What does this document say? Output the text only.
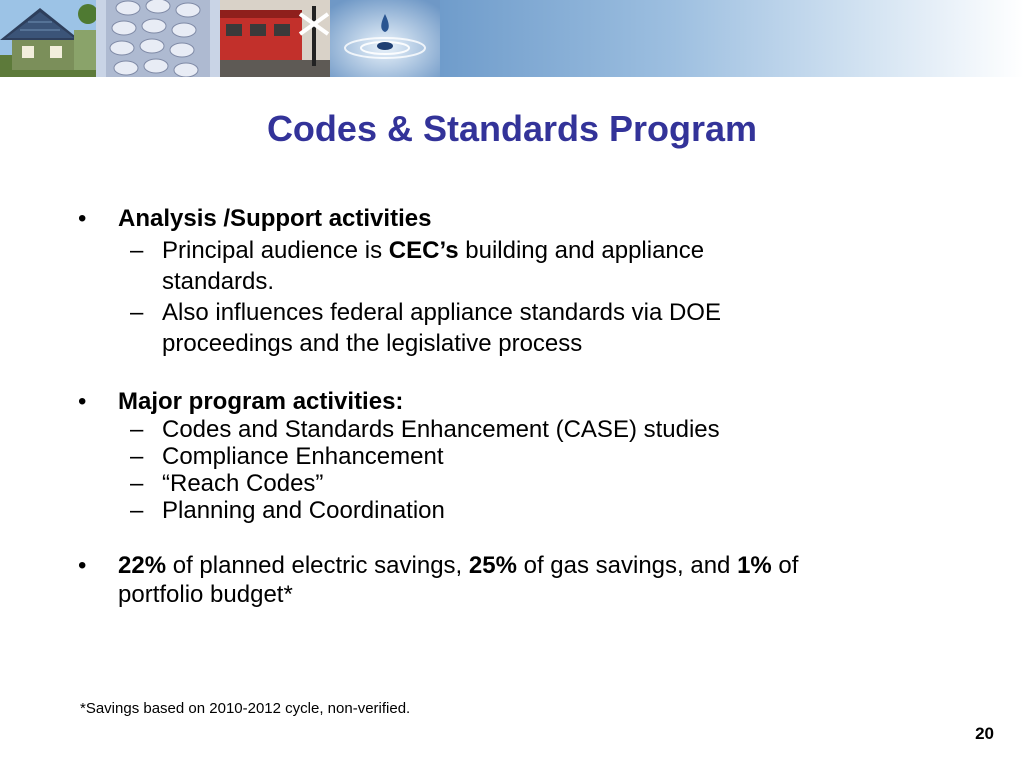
Codes & Standards Program
•	Analysis /Support activities
– Principal audience is CEC’s building and appliance
standards.
– Also influences federal appliance standards via DOE
proceedings and the legislative process
•	Major program activities:
– Codes and Standards Enhancement (CASE) studies
– Compliance Enhancement
– “Reach Codes”
– Planning and Coordination
•	22% of planned electric savings, 25% of gas savings, and 1% of
portfolio budget*
*Savings based on 2010-2012 cycle, non-verified.
20
